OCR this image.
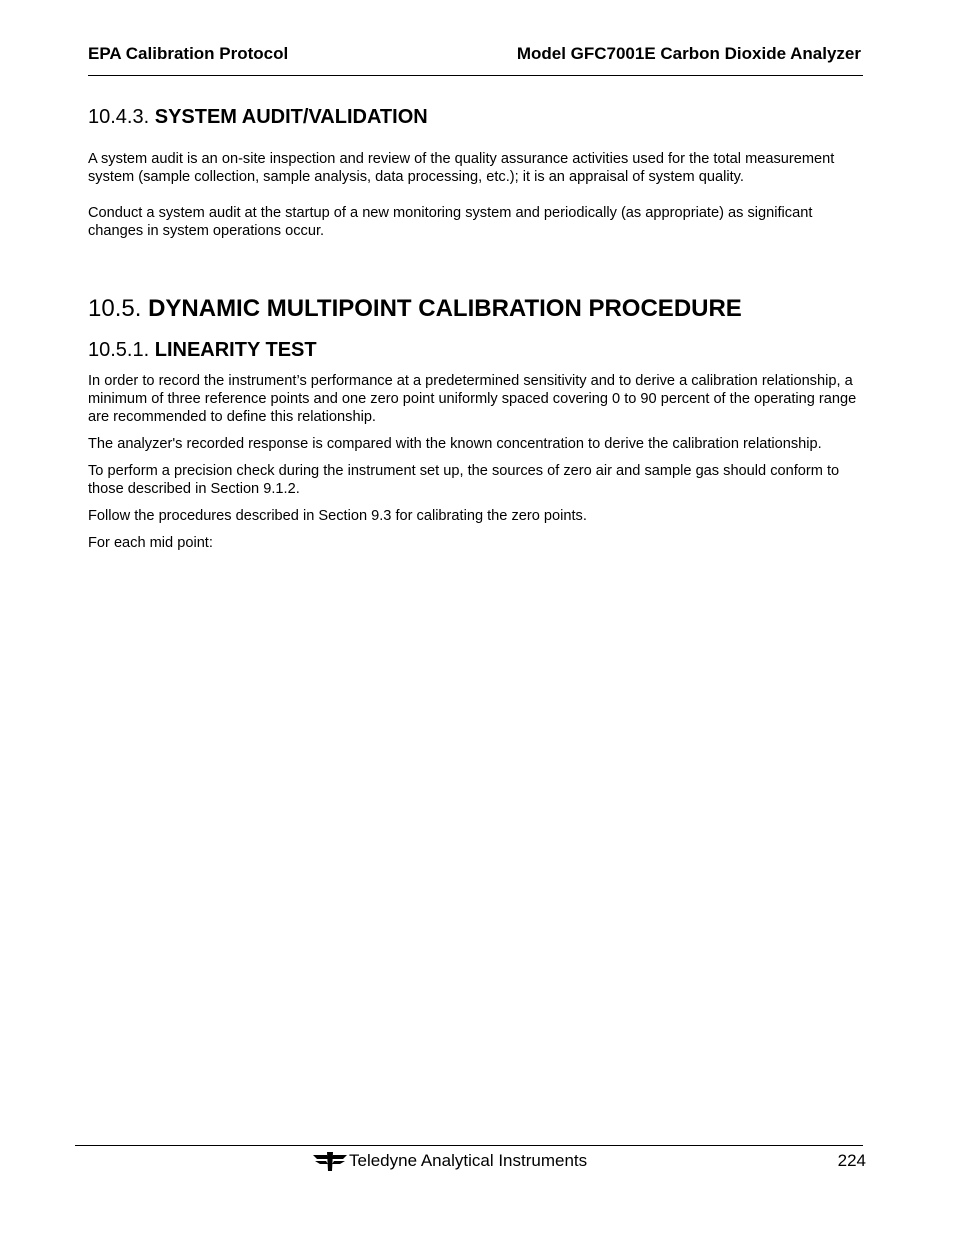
EPA Calibration Protocol	Model GFC7001E Carbon Dioxide Analyzer
10.4.3. SYSTEM AUDIT/VALIDATION

A system audit is an on-site inspection and review of the quality assurance activities used for the total measurement system (sample collection, sample analysis, data processing, etc.); it is an appraisal of system quality.

Conduct a system audit at the startup of a new monitoring system and periodically (as appropriate) as significant changes in system operations occur.

10.5. DYNAMIC MULTIPOINT CALIBRATION PROCEDURE
10.5.1. LINEARITY TEST

In order to record the instrument’s performance at a predetermined sensitivity and to derive a calibration relationship, a minimum of three reference points and one zero point uniformly spaced covering 0 to 90 percent of the operating range are recommended to define this relationship.

The analyzer's recorded response is compared with the known concentration to derive the calibration relationship.

To perform a precision check during the instrument set up, the sources of zero air and sample gas should conform to those described in Section 9.1.2.

Follow the procedures described in Section 9.3 for calibrating the zero points.

For each mid point:

Teledyne Analytical Instruments	224
